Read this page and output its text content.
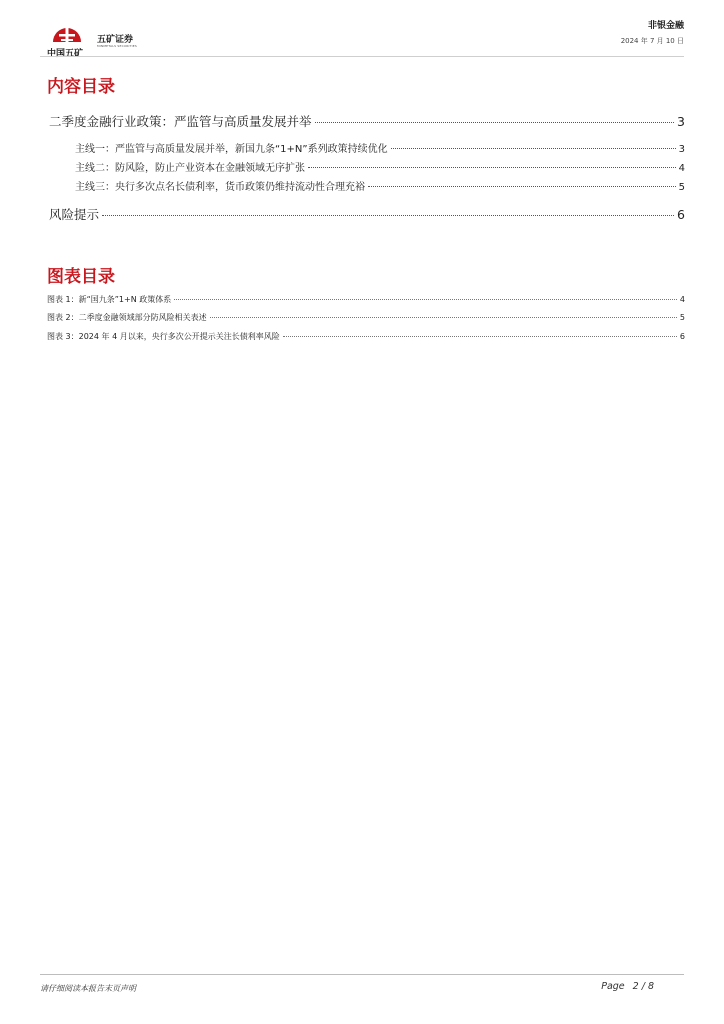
中国五矿
五矿证券
MINMETALS SECURITIES
非银金融
2024 年 7 月 10 日
内容目录
二季度金融行业政策：严监管与高质量发展并举	3
主线一：严监管与高质量发展并举，新国九条“1+N”系列政策持续优化	3
主线二：防风险，防止产业资本在金融领域无序扩张	4
主线三：央行多次点名长债利率，货币政策仍维持流动性合理充裕	5
风险提示	6
图表目录
图表 1：新“国九条”1+N 政策体系	4
图表 2：二季度金融领域部分防风险相关表述	5
图表 3：2024 年 4 月以来，央行多次公开提示关注长债利率风险	6
请仔细阅读本报告末页声明	Page 2 / 8
